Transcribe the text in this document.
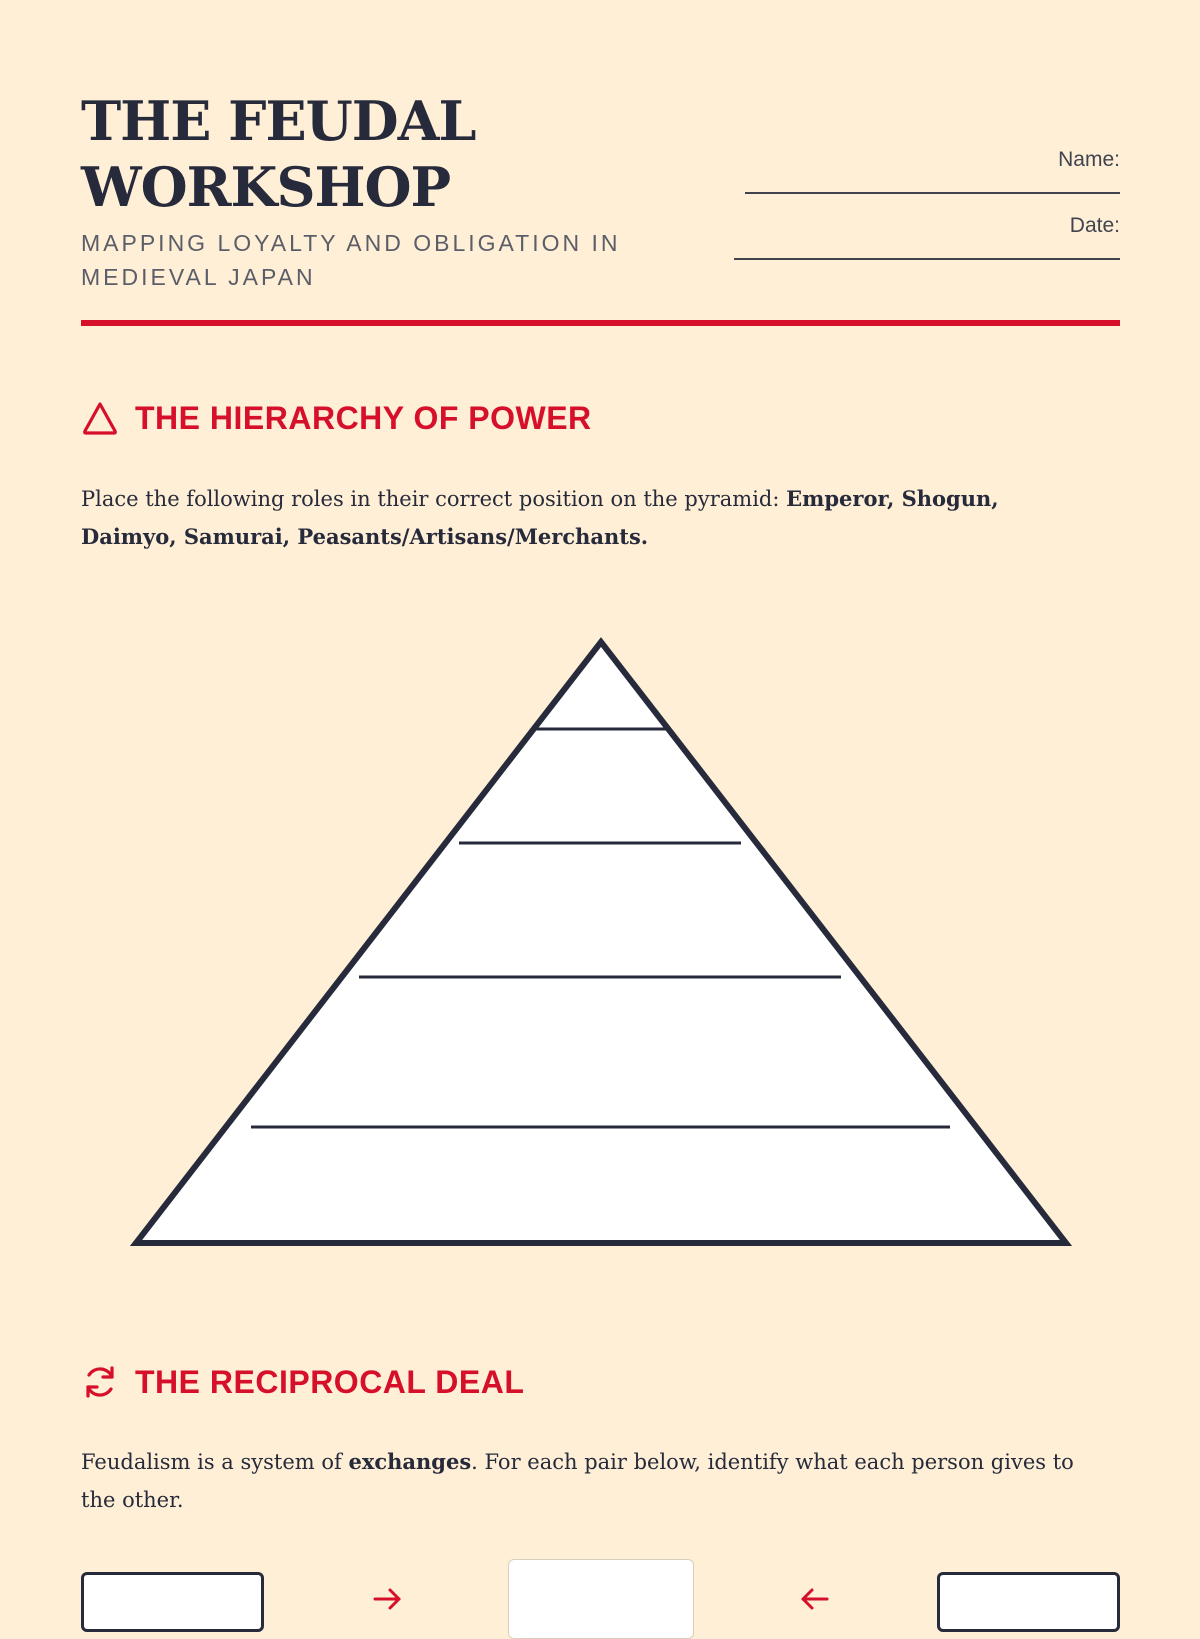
THE FEUDAL
WORKSHOP
MAPPING LOYALTY AND OBLIGATION IN
MEDIEVAL JAPAN
Name:
Date:
THE HIERARCHY OF POWER
Place the following roles in their correct position on the pyramid: Emperor, Shogun,
Daimyo, Samurai, Peasants/Artisans/Merchants.
THE RECIPROCAL DEAL
Feudalism is a system of exchanges. For each pair below, identify what each person gives to
the other.
